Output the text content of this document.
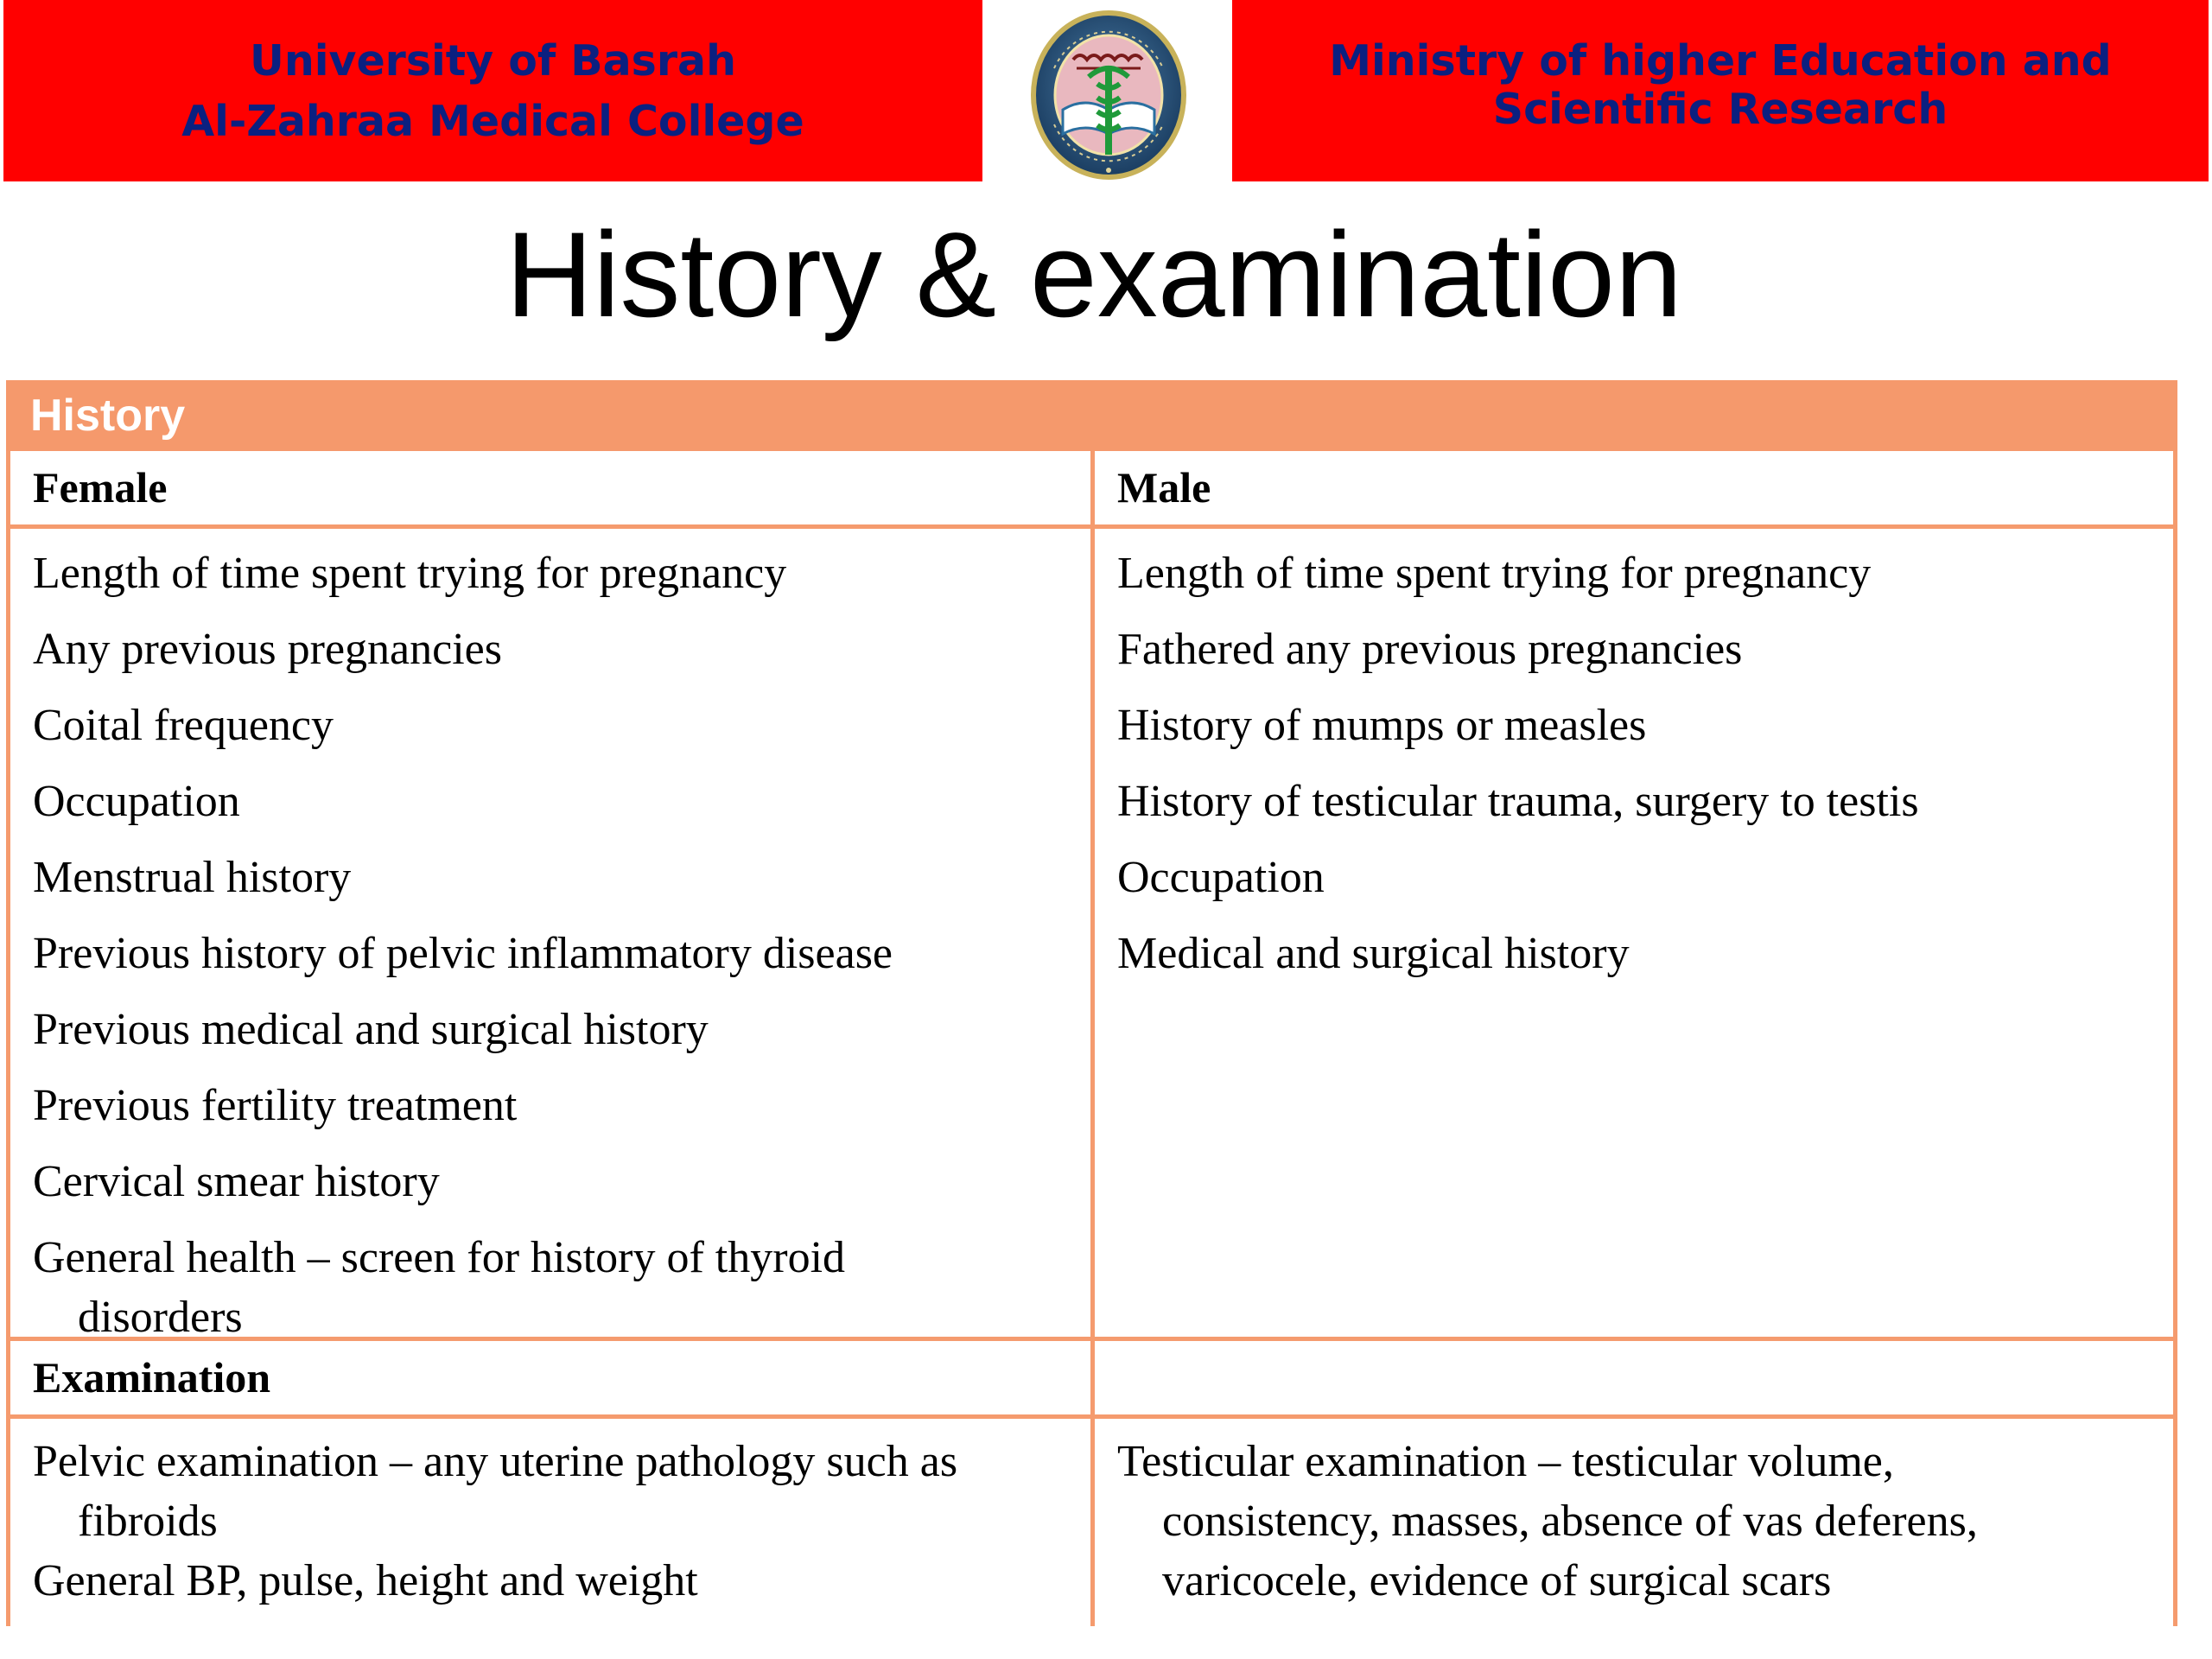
University of Basrah
Al-Zahraa Medical College
Ministry of higher Education and
Scientific Research
History & examination
History
Female	Male
Length of time spent trying for pregnancy
Any previous pregnancies
Coital frequency
Occupation
Menstrual history
Previous history of pelvic inflammatory disease
Previous medical and surgical history
Previous fertility treatment
Cervical smear history
General health – screen for history of thyroid disorders
Length of time spent trying for pregnancy
Fathered any previous pregnancies
History of mumps or measles
History of testicular trauma, surgery to testis
Occupation
Medical and surgical history
Examination
Pelvic examination – any uterine pathology such as fibroids
General BP, pulse, height and weight
Testicular examination – testicular volume, consistency, masses, absence of vas deferens, varicocele, evidence of surgical scars
